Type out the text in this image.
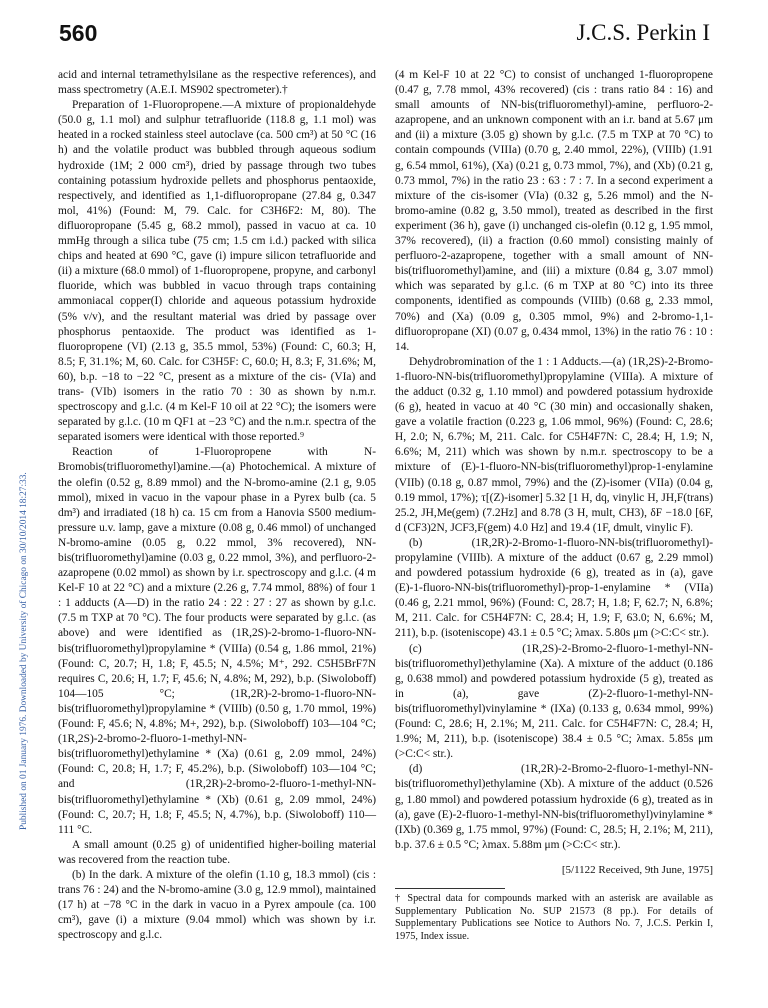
Published on 01 January 1976. Downloaded by University of Chicago on 30/10/2014 18:27:33.
560	J.C.S. Perkin I

acid and internal tetramethylsilane as the respective references), and mass spectrometry (A.E.I. MS902 spectrometer).†

Preparation of 1-Fluoropropene.—A mixture of propionaldehyde (50.0 g, 1.1 mol) and sulphur tetrafluoride (118.8 g, 1.1 mol) was heated in a rocked stainless steel autoclave (ca. 500 cm³) at 50 °C (16 h) and the volatile product was bubbled through aqueous sodium hydroxide (1M; 2 000 cm³), dried by passage through two tubes containing potassium hydroxide pellets and phosphorus pentaoxide, respectively, and identified as 1,1-difluoropropane (27.84 g, 0.347 mol, 41%) (Found: M, 79. Calc. for C3H6F2: M, 80). The difluoropropane (5.45 g, 68.2 mmol), passed in vacuo at ca. 10 mmHg through a silica tube (75 cm; 1.5 cm i.d.) packed with silica chips and heated at 690 °C, gave (i) impure silicon tetrafluoride and (ii) a mixture (68.0 mmol) of 1-fluoropropene, propyne, and carbonyl fluoride, which was bubbled in vacuo through traps containing ammoniacal copper(I) chloride and aqueous potassium hydroxide (5% v/v), and the resultant material was dried by passage over phosphorus pentaoxide. The product was identified as 1-fluoropropene (VI) (2.13 g, 35.5 mmol, 53%) (Found: C, 60.3; H, 8.5; F, 31.1%; M, 60. Calc. for C3H5F: C, 60.0; H, 8.3; F, 31.6%; M, 60), b.p. −18 to −22 °C, present as a mixture of the cis- (VIa) and trans- (VIb) isomers in the ratio 70 : 30 as shown by n.m.r. spectroscopy and g.l.c. (4 m Kel-F 10 oil at 22 °C); the isomers were separated by g.l.c. (10 m QF1 at −23 °C) and the n.m.r. spectra of the separated isomers were identical with those reported.⁹

Reaction of 1-Fluoropropene with N-Bromobis(trifluoromethyl)amine.—(a) Photochemical. A mixture of the olefin (0.52 g, 8.89 mmol) and the N-bromo-amine (2.1 g, 9.05 mmol), mixed in vacuo in the vapour phase in a Pyrex bulb (ca. 5 dm³) and irradiated (18 h) ca. 15 cm from a Hanovia S500 medium-pressure u.v. lamp, gave a mixture (0.08 g, 0.46 mmol) of unchanged N-bromo-amine (0.05 g, 0.22 mmol, 3% recovered), NN-bis(trifluoromethyl)amine (0.03 g, 0.22 mmol, 3%), and perfluoro-2-azapropene (0.02 mmol) as shown by i.r. spectroscopy and g.l.c. (4 m Kel-F 10 at 22 °C) and a mixture (2.26 g, 7.74 mmol, 88%) of four 1 : 1 adducts (A—D) in the ratio 24 : 22 : 27 : 27 as shown by g.l.c. (7.5 m TXP at 70 °C). The four products were separated by g.l.c. (as above) and were identified as (1R,2S)-2-bromo-1-fluoro-NN-bis(trifluoromethyl)propylamine * (VIIIa) (0.54 g, 1.86 mmol, 21%) (Found: C, 20.7; H, 1.8; F, 45.5; N, 4.5%; M⁺, 292. C5H5BrF7N requires C, 20.6; H, 1.7; F, 45.6; N, 4.8%; M, 292), b.p. (Siwoloboff) 104—105 °C; (1R,2R)-2-bromo-1-fluoro-NN-bis(trifluoromethyl)propylamine * (VIIIb) (0.50 g, 1.70 mmol, 19%) (Found: F, 45.6; N, 4.8%; M+, 292), b.p. (Siwoloboff) 103—104 °C; (1R,2S)-2-bromo-2-fluoro-1-methyl-NN-bis(trifluoromethyl)ethylamine * (Xa) (0.61 g, 2.09 mmol, 24%) (Found: C, 20.8; H, 1.7; F, 45.2%), b.p. (Siwoloboff) 103—104 °C; and (1R,2R)-2-bromo-2-fluoro-1-methyl-NN-bis(trifluoromethyl)ethylamine * (Xb) (0.61 g, 2.09 mmol, 24%) (Found: C, 20.7; H, 1.8; F, 45.5; N, 4.7%), b.p. (Siwoloboff) 110—111 °C.

A small amount (0.25 g) of unidentified higher-boiling material was recovered from the reaction tube.

(b) In the dark. A mixture of the olefin (1.10 g, 18.3 mmol) (cis : trans 76 : 24) and the N-bromo-amine (3.0 g, 12.9 mmol), maintained (17 h) at −78 °C in the dark in vacuo in a Pyrex ampoule (ca. 100 cm³), gave (i) a mixture (9.04 mmol) which was shown by i.r. spectroscopy and g.l.c.

(4 m Kel-F 10 at 22 °C) to consist of unchanged 1-fluoropropene (0.47 g, 7.78 mmol, 43% recovered) (cis : trans ratio 84 : 16) and small amounts of NN-bis(trifluoromethyl)-amine, perfluoro-2-azapropene, and an unknown component with an i.r. band at 5.67 μm and (ii) a mixture (3.05 g) shown by g.l.c. (7.5 m TXP at 70 °C) to contain compounds (VIIIa) (0.70 g, 2.40 mmol, 22%), (VIIIb) (1.91 g, 6.54 mmol, 61%), (Xa) (0.21 g, 0.73 mmol, 7%), and (Xb) (0.21 g, 0.73 mmol, 7%) in the ratio 23 : 63 : 7 : 7. In a second experiment a mixture of the cis-isomer (VIa) (0.32 g, 5.26 mmol) and the N-bromo-amine (0.82 g, 3.50 mmol), treated as described in the first experiment (36 h), gave (i) unchanged cis-olefin (0.12 g, 1.95 mmol, 37% recovered), (ii) a fraction (0.60 mmol) consisting mainly of perfluoro-2-azapropene, together with a small amount of NN-bis(trifluoromethyl)amine, and (iii) a mixture (0.84 g, 3.07 mmol) which was separated by g.l.c. (6 m TXP at 80 °C) into its three components, identified as compounds (VIIIb) (0.68 g, 2.33 mmol, 70%) and (Xa) (0.09 g, 0.305 mmol, 9%) and 2-bromo-1,1-difluoropropane (XI) (0.07 g, 0.434 mmol, 13%) in the ratio 76 : 10 : 14.

Dehydrobromination of the 1 : 1 Adducts.—(a) (1R,2S)-2-Bromo-1-fluoro-NN-bis(trifluoromethyl)propylamine (VIIIa). A mixture of the adduct (0.32 g, 1.10 mmol) and powdered potassium hydroxide (6 g), heated in vacuo at 40 °C (30 min) and occasionally shaken, gave a volatile fraction (0.223 g, 1.06 mmol, 96%) (Found: C, 28.6; H, 2.0; N, 6.7%; M, 211. Calc. for C5H4F7N: C, 28.4; H, 1.9; N, 6.6%; M, 211) which was shown by n.m.r. spectroscopy to be a mixture of (E)-1-fluoro-NN-bis(trifluoromethyl)prop-1-enylamine (VIIb) (0.18 g, 0.87 mmol, 79%) and the (Z)-isomer (VIIa) (0.04 g, 0.19 mmol, 17%); τ[(Z)-isomer] 5.32 [1 H, dq, vinylic H, JH,F(trans) 25.2, JH,Me(gem) (7.2Hz] and 8.78 (3 H, mult, CH3), δF −18.0 [6F, d (CF3)2N, JCF3,F(gem) 4.0 Hz] and 19.4 (1F, dmult, vinylic F).

(b) (1R,2R)-2-Bromo-1-fluoro-NN-bis(trifluoromethyl)-propylamine (VIIIb). A mixture of the adduct (0.67 g, 2.29 mmol) and powdered potassium hydroxide (6 g), treated as in (a), gave (E)-1-fluoro-NN-bis(trifluoromethyl)-prop-1-enylamine * (VIIa) (0.46 g, 2.21 mmol, 96%) (Found: C, 28.7; H, 1.8; F, 62.7; N, 6.8%; M, 211. Calc. for C5H4F7N: C, 28.4; H, 1.9; F, 63.0; N, 6.6%; M, 211), b.p. (isoteniscope) 43.1 ± 0.5 °C; λmax. 5.80s μm (>C:C< str.).

(c) (1R,2S)-2-Bromo-2-fluoro-1-methyl-NN-bis(trifluoromethyl)ethylamine (Xa). A mixture of the adduct (0.186 g, 0.638 mmol) and powdered potassium hydroxide (5 g), treated as in (a), gave (Z)-2-fluoro-1-methyl-NN-bis(trifluoromethyl)vinylamine * (IXa) (0.133 g, 0.634 mmol, 99%) (Found: C, 28.6; H, 2.1%; M, 211. Calc. for C5H4F7N: C, 28.4; H, 1.9%; M, 211), b.p. (isoteniscope) 38.4 ± 0.5 °C; λmax. 5.85s μm (>C:C< str.).

(d) (1R,2R)-2-Bromo-2-fluoro-1-methyl-NN-bis(trifluoromethyl)ethylamine (Xb). A mixture of the adduct (0.526 g, 1.80 mmol) and powdered potassium hydroxide (6 g), treated as in (a), gave (E)-2-fluoro-1-methyl-NN-bis(trifluoromethyl)vinylamine * (IXb) (0.369 g, 1.75 mmol, 97%) (Found: C, 28.5; H, 2.1%; M, 211), b.p. 37.6 ± 0.5 °C; λmax. 5.88m μm (>C:C< str.).

[5/1122 Received, 9th June, 1975]

† Spectral data for compounds marked with an asterisk are available as Supplementary Publication No. SUP 21573 (8 pp.). For details of Supplementary Publications see Notice to Authors No. 7, J.C.S. Perkin I, 1975, Index issue.
